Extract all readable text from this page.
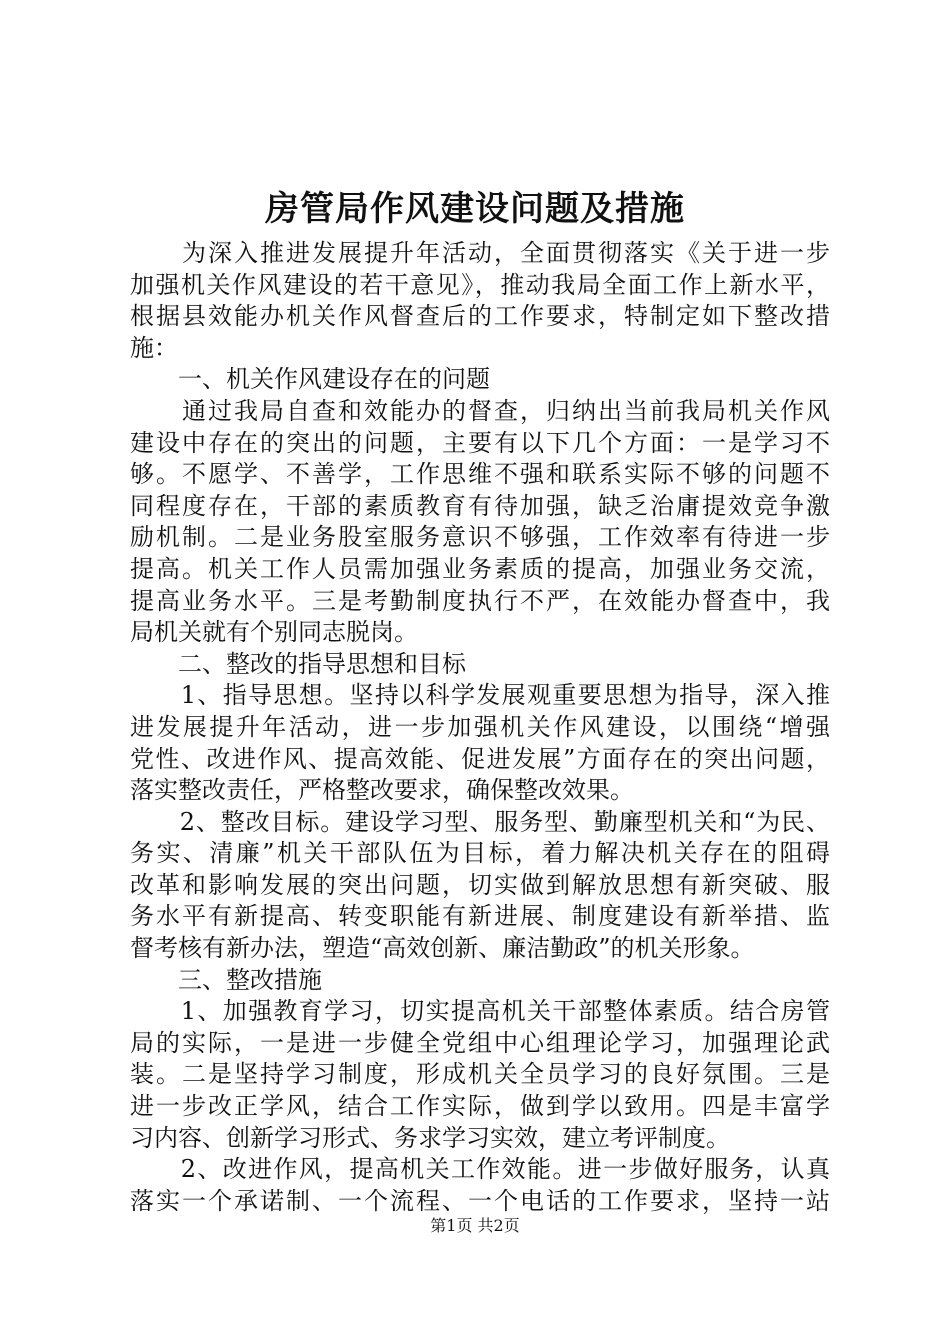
房管局作风建设问题及措施
　　为深入推进发展提升年活动，全面贯彻落实《关于进一步
加强机关作风建设的若干意见》，推动我局全面工作上新水平，
根据县效能办机关作风督查后的工作要求，特制定如下整改措
施：
　　一、机关作风建设存在的问题
　　通过我局自查和效能办的督查，归纳出当前我局机关作风
建设中存在的突出的问题，主要有以下几个方面：一是学习不
够。不愿学、不善学，工作思维不强和联系实际不够的问题不
同程度存在，干部的素质教育有待加强，缺乏治庸提效竞争激
励机制。二是业务股室服务意识不够强，工作效率有待进一步
提高。机关工作人员需加强业务素质的提高，加强业务交流，
提高业务水平。三是考勤制度执行不严，在效能办督查中，我
局机关就有个别同志脱岗。
　　二、整改的指导思想和目标
　　1、指导思想。坚持以科学发展观重要思想为指导，深入推
进发展提升年活动，进一步加强机关作风建设，以围绕“增强
党性、改进作风、提高效能、促进发展”方面存在的突出问题，
落实整改责任，严格整改要求，确保整改效果。
　　2、整改目标。建设学习型、服务型、勤廉型机关和“为民、
务实、清廉”机关干部队伍为目标，着力解决机关存在的阻碍
改革和影响发展的突出问题，切实做到解放思想有新突破、服
务水平有新提高、转变职能有新进展、制度建设有新举措、监
督考核有新办法，塑造“高效创新、廉洁勤政”的机关形象。
　　三、整改措施
　　1、加强教育学习，切实提高机关干部整体素质。结合房管
局的实际，一是进一步健全党组中心组理论学习，加强理论武
装。二是坚持学习制度，形成机关全员学习的良好氛围。三是
进一步改正学风，结合工作实际，做到学以致用。四是丰富学
习内容、创新学习形式、务求学习实效，建立考评制度。
　　2、改进作风，提高机关工作效能。进一步做好服务，认真
落实一个承诺制、一个流程、一个电话的工作要求，坚持一站
第1页 共2页
